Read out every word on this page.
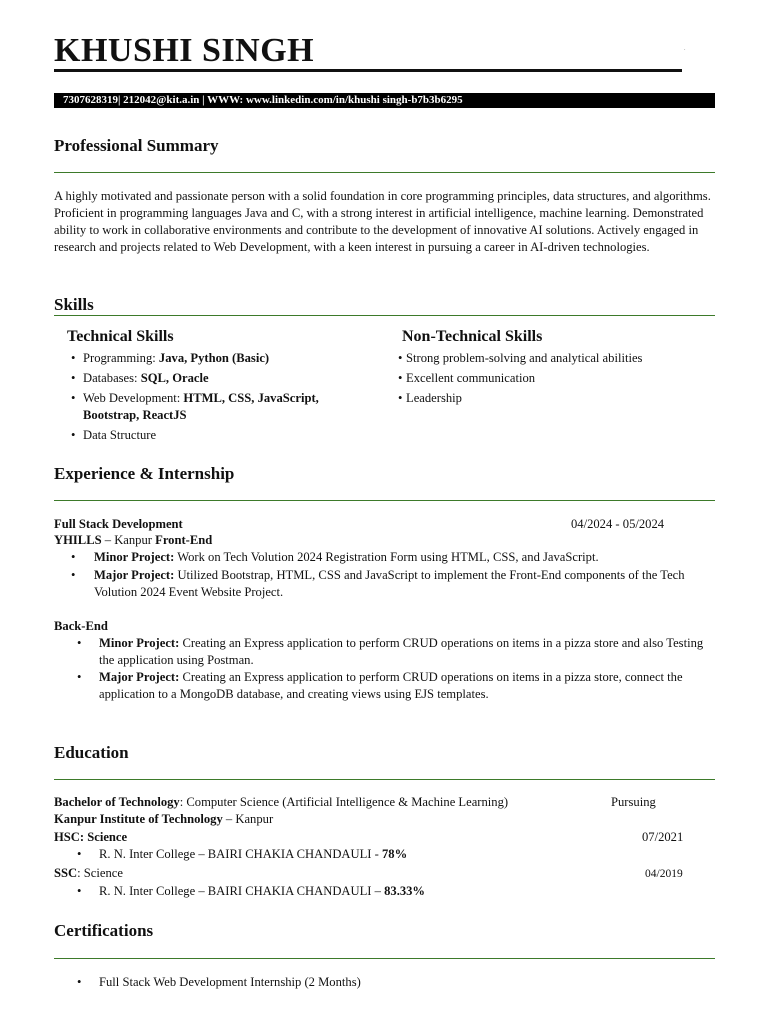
KHUSHI SINGH	.
7307628319| 212042@kit.a.in | WWW: www.linkedin.com/in/khushi singh-b7b3b6295
Professional Summary
A highly motivated and passionate person with a solid foundation in core programming principles, data structures, and algorithms. Proficient in programming languages Java and C, with a strong interest in artificial intelligence, machine learning. Demonstrated ability to work in collaborative environments and contribute to the development of innovative AI solutions. Actively engaged in research and projects related to Web Development, with a keen interest in pursuing a career in AI-driven technologies.
Skills
Technical Skills
• Programming: Java, Python (Basic)
• Databases: SQL, Oracle
• Web Development: HTML, CSS, JavaScript, Bootstrap, ReactJS
• Data Structure
Non-Technical Skills
• Strong problem-solving and analytical abilities
• Excellent communication
• Leadership
Experience & Internship
Full Stack Development	04/2024 - 05/2024
YHILLS – Kanpur Front-End
• Minor Project: Work on Tech Volution 2024 Registration Form using HTML, CSS, and JavaScript.
• Major Project: Utilized Bootstrap, HTML, CSS and JavaScript to implement the Front-End components of the Tech Volution 2024 Event Website Project.
Back-End
• Minor Project: Creating an Express application to perform CRUD operations on items in a pizza store and also Testing the application using Postman.
• Major Project: Creating an Express application to perform CRUD operations on items in a pizza store, connect the application to a MongoDB database, and creating views using EJS templates.
Education
Bachelor of Technology: Computer Science (Artificial Intelligence & Machine Learning)	Pursuing
Kanpur Institute of Technology – Kanpur
HSC: Science	07/2021
• R. N. Inter College – BAIRI CHAKIA CHANDAULI - 78%
SSC: Science	04/2019
• R. N. Inter College – BAIRI CHAKIA CHANDAULI – 83.33%
Certifications
• Full Stack Web Development Internship (2 Months)
